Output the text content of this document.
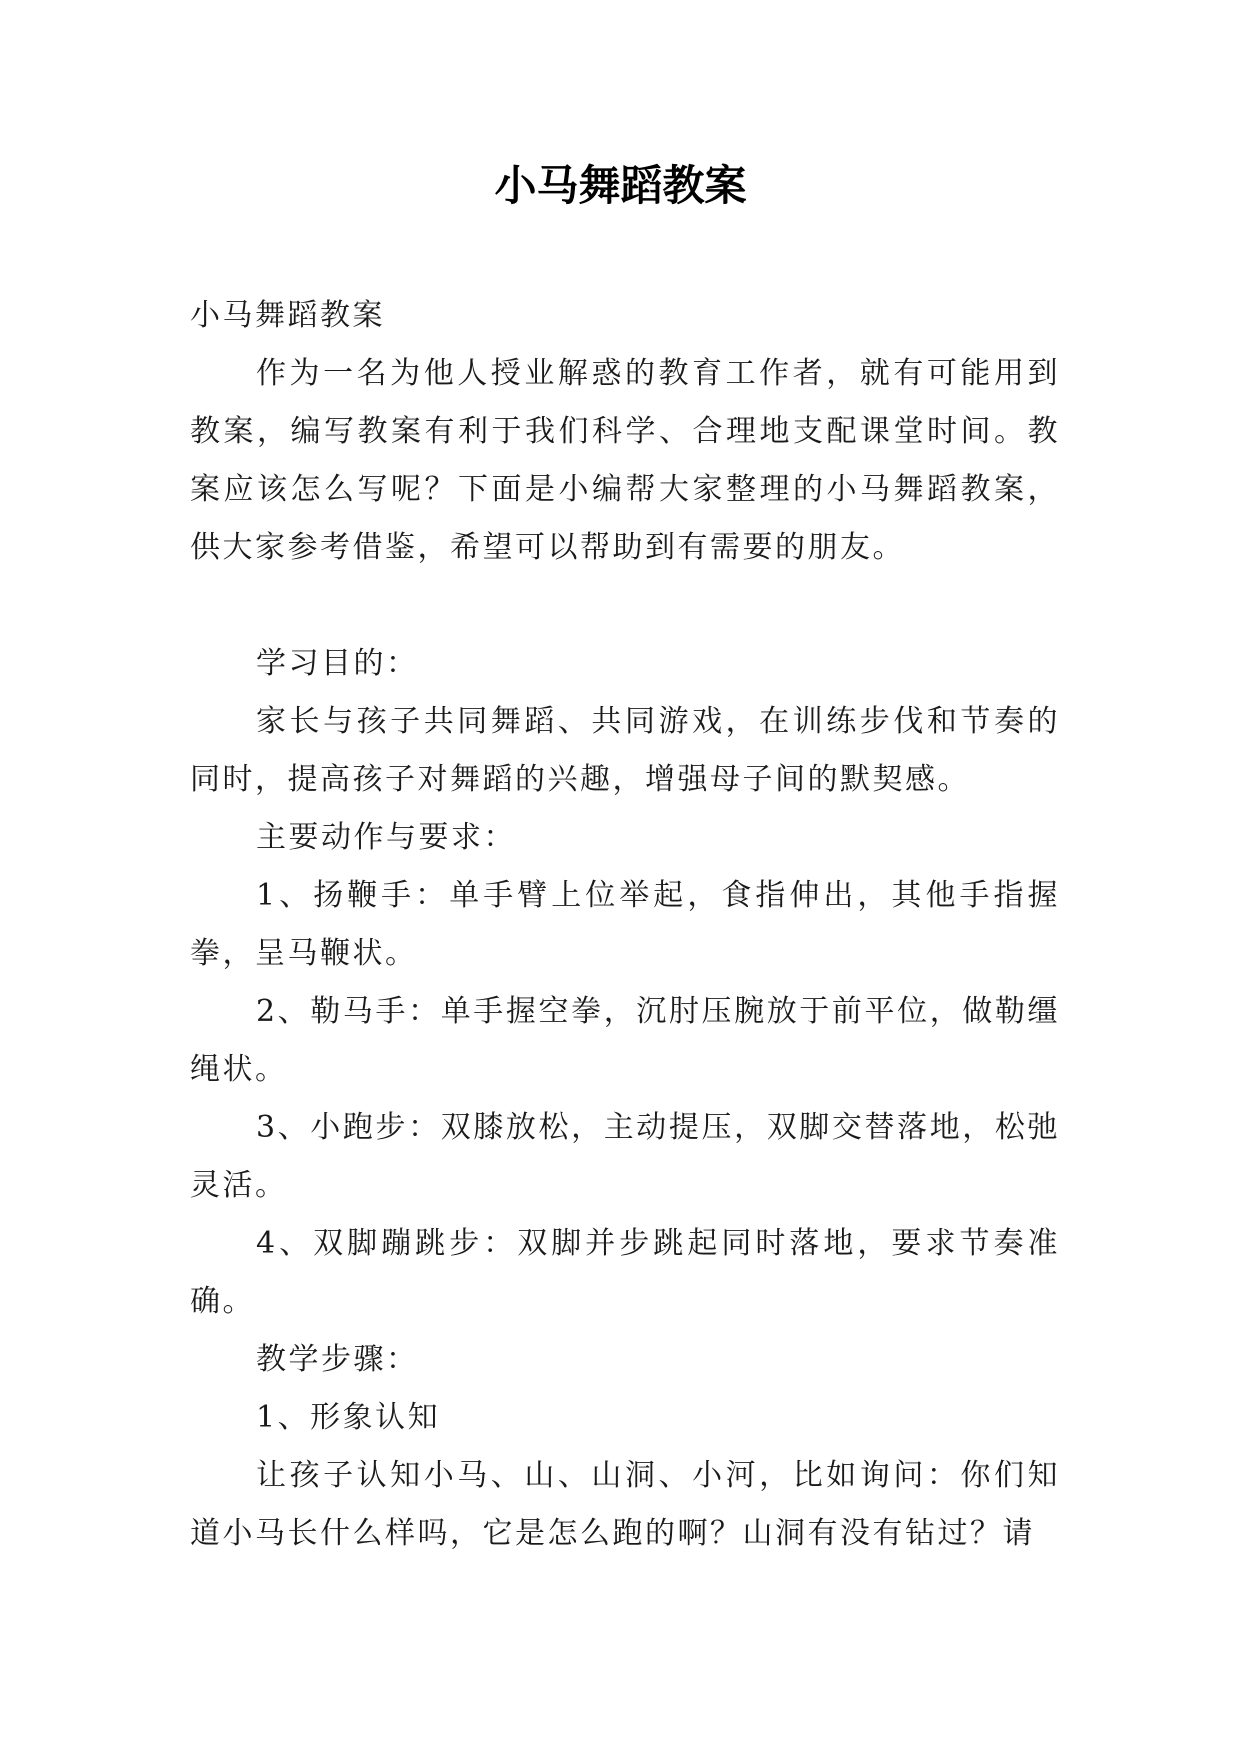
小马舞蹈教案

小马舞蹈教案

作为一名为他人授业解惑的教育工作者，就有可能用到教案，编写教案有利于我们科学、合理地支配课堂时间。教案应该怎么写呢？下面是小编帮大家整理的小马舞蹈教案，供大家参考借鉴，希望可以帮助到有需要的朋友。

学习目的：

家长与孩子共同舞蹈、共同游戏，在训练步伐和节奏的同时，提高孩子对舞蹈的兴趣，增强母子间的默契感。

主要动作与要求：

1、扬鞭手：单手臂上位举起，食指伸出，其他手指握拳，呈马鞭状。

2、勒马手：单手握空拳，沉肘压腕放于前平位，做勒缰绳状。

3、小跑步：双膝放松，主动提压，双脚交替落地，松弛灵活。

4、双脚蹦跳步：双脚并步跳起同时落地，要求节奏准确。

教学步骤：

1、形象认知

让孩子认知小马、山、山洞、小河，比如询问：你们知道小马长什么样吗，它是怎么跑的啊？山洞有没有钻过？请
